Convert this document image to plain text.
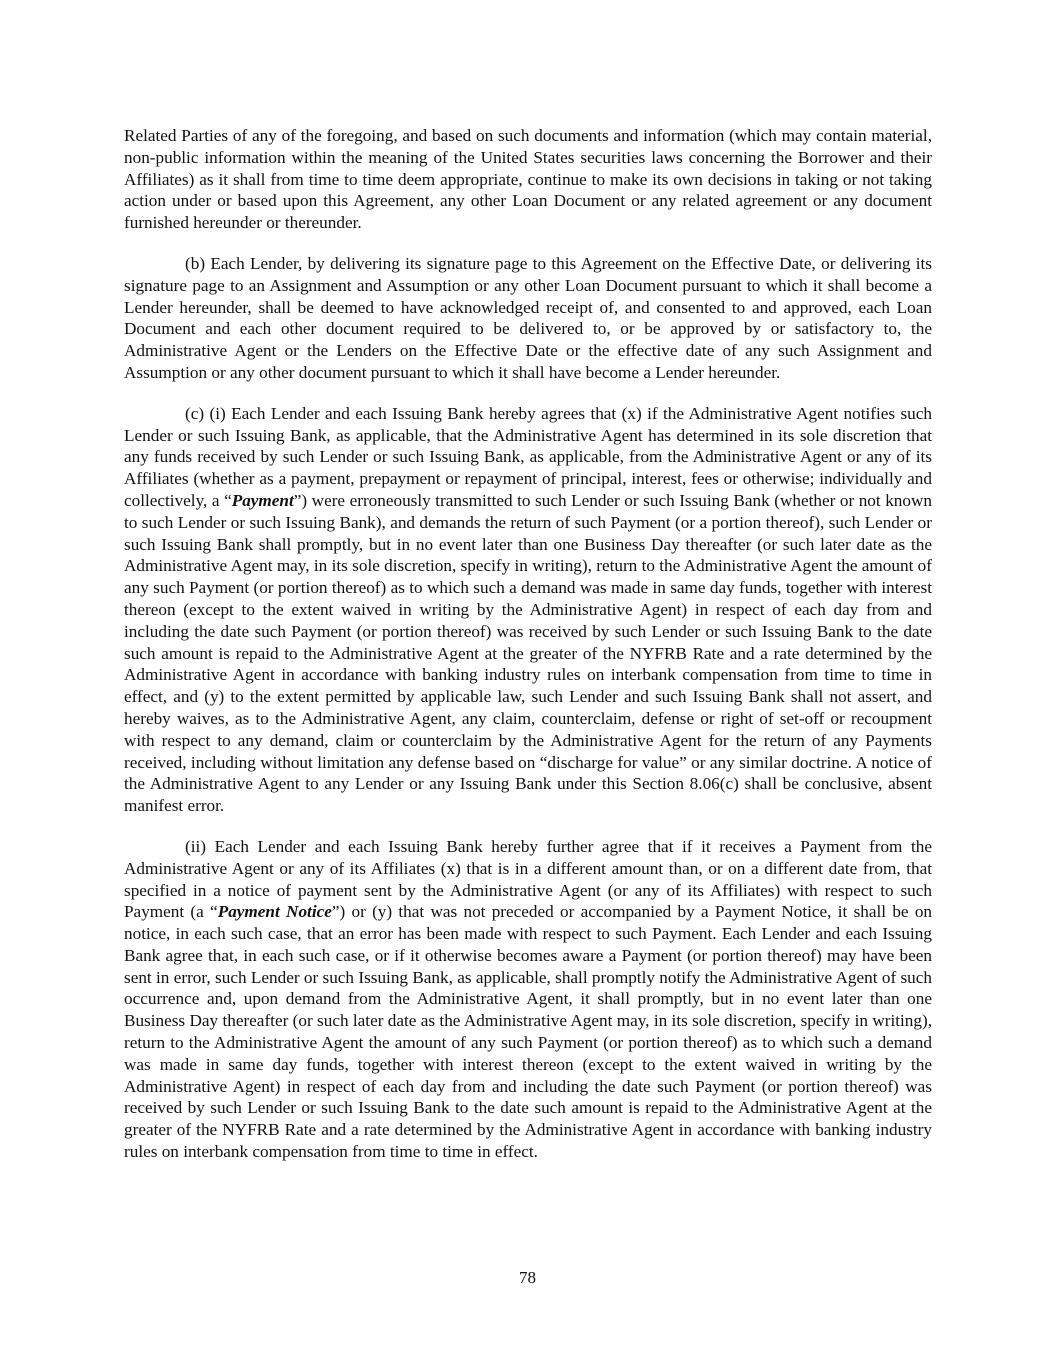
Related Parties of any of the foregoing, and based on such documents and information (which may contain material, non-public information within the meaning of the United States securities laws concerning the Borrower and their Affiliates) as it shall from time to time deem appropriate, continue to make its own decisions in taking or not taking action under or based upon this Agreement, any other Loan Document or any related agreement or any document furnished hereunder or thereunder.

(b) Each Lender, by delivering its signature page to this Agreement on the Effective Date, or delivering its signature page to an Assignment and Assumption or any other Loan Document pursuant to which it shall become a Lender hereunder, shall be deemed to have acknowledged receipt of, and consented to and approved, each Loan Document and each other document required to be delivered to, or be approved by or satisfactory to, the Administrative Agent or the Lenders on the Effective Date or the effective date of any such Assignment and Assumption or any other document pursuant to which it shall have become a Lender hereunder.

(c) (i) Each Lender and each Issuing Bank hereby agrees that (x) if the Administrative Agent notifies such Lender or such Issuing Bank, as applicable, that the Administrative Agent has determined in its sole discretion that any funds received by such Lender or such Issuing Bank, as applicable, from the Administrative Agent or any of its Affiliates (whether as a payment, prepayment or repayment of principal, interest, fees or otherwise; individually and collectively, a “Payment”) were erroneously transmitted to such Lender or such Issuing Bank (whether or not known to such Lender or such Issuing Bank), and demands the return of such Payment (or a portion thereof), such Lender or such Issuing Bank shall promptly, but in no event later than one Business Day thereafter (or such later date as the Administrative Agent may, in its sole discretion, specify in writing), return to the Administrative Agent the amount of any such Payment (or portion thereof) as to which such a demand was made in same day funds, together with interest thereon (except to the extent waived in writing by the Administrative Agent) in respect of each day from and including the date such Payment (or portion thereof) was received by such Lender or such Issuing Bank to the date such amount is repaid to the Administrative Agent at the greater of the NYFRB Rate and a rate determined by the Administrative Agent in accordance with banking industry rules on interbank compensation from time to time in effect, and (y) to the extent permitted by applicable law, such Lender and such Issuing Bank shall not assert, and hereby waives, as to the Administrative Agent, any claim, counterclaim, defense or right of set-off or recoupment with respect to any demand, claim or counterclaim by the Administrative Agent for the return of any Payments received, including without limitation any defense based on “discharge for value” or any similar doctrine. A notice of the Administrative Agent to any Lender or any Issuing Bank under this Section 8.06(c) shall be conclusive, absent manifest error.

(ii) Each Lender and each Issuing Bank hereby further agree that if it receives a Payment from the Administrative Agent or any of its Affiliates (x) that is in a different amount than, or on a different date from, that specified in a notice of payment sent by the Administrative Agent (or any of its Affiliates) with respect to such Payment (a “Payment Notice”) or (y) that was not preceded or accompanied by a Payment Notice, it shall be on notice, in each such case, that an error has been made with respect to such Payment. Each Lender and each Issuing Bank agree that, in each such case, or if it otherwise becomes aware a Payment (or portion thereof) may have been sent in error, such Lender or such Issuing Bank, as applicable, shall promptly notify the Administrative Agent of such occurrence and, upon demand from the Administrative Agent, it shall promptly, but in no event later than one Business Day thereafter (or such later date as the Administrative Agent may, in its sole discretion, specify in writing), return to the Administrative Agent the amount of any such Payment (or portion thereof) as to which such a demand was made in same day funds, together with interest thereon (except to the extent waived in writing by the Administrative Agent) in respect of each day from and including the date such Payment (or portion thereof) was received by such Lender or such Issuing Bank to the date such amount is repaid to the Administrative Agent at the greater of the NYFRB Rate and a rate determined by the Administrative Agent in accordance with banking industry rules on interbank compensation from time to time in effect.

78
